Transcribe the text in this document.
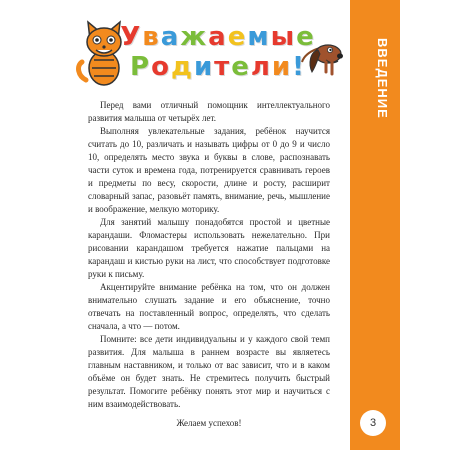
Уважаемые
Родители!

Перед вами отличный помощник интеллектуального развития малыша от четырёх лет.

Выполняя увлекательные задания, ребёнок научится считать до 10, различать и называть цифры от 0 до 9 и число 10, определять место звука и буквы в слове, распознавать части суток и времена года, потренируется сравнивать героев и предметы по весу, скорости, длине и росту, расширит словарный запас, разовьёт память, внимание, речь, мышление и воображение, мелкую моторику.

Для занятий малышу понадобятся простой и цветные карандаши. Фломастеры использовать нежелательно. При рисовании карандашом требуется нажатие пальцами на карандаш и кистью руки на лист, что способствует подготовке руки к письму.

Акцентируйте внимание ребёнка на том, что он должен внимательно слушать задание и его объяснение, точно отвечать на поставленный вопрос, определять, что сделать сначала, а что — потом.

Помните: все дети индивидуальны и у каждого свой темп развития. Для малыша в раннем возрасте вы являетесь главным наставником, и только от вас зависит, что и в каком объёме он будет знать. Не стремитесь получить быстрый результат. Помогите ребёнку понять этот мир и научиться с ним взаимодействовать.

Желаем успехов!

ВВЕДЕНИЕ
3
